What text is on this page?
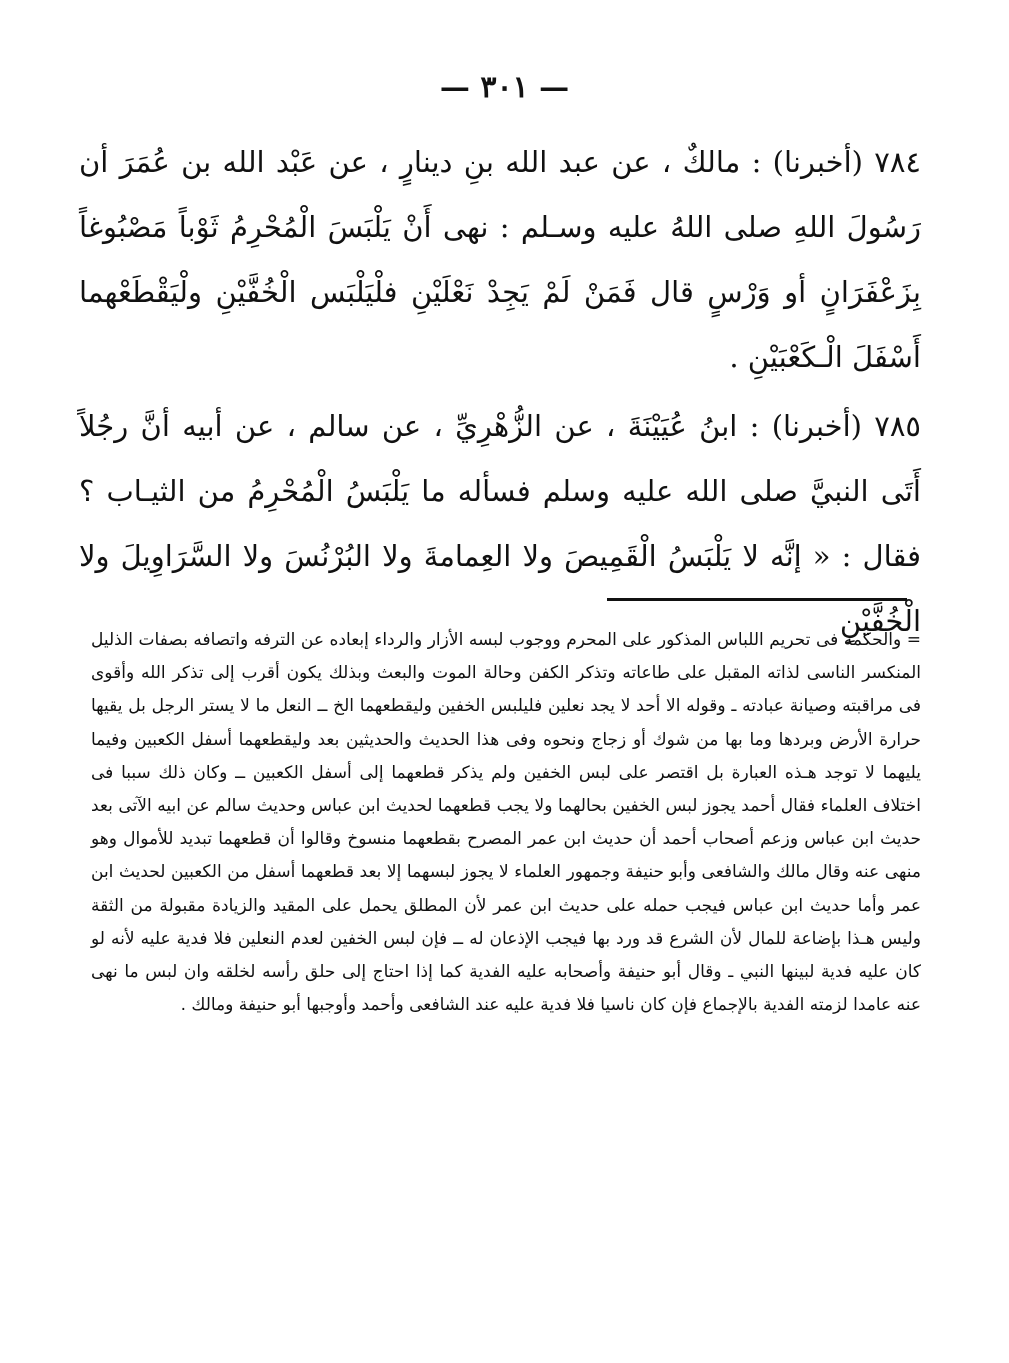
— ٣٠١ —

٧٨٤ (أخبرنا) : مالكٌ ، عن عبد الله بنِ دينارٍ ، عن عَبْد الله بن عُمَرَ أن رَسُولَ اللهِ صلى اللهُ عليه وسـلم : نهى أَنْ يَلْبَسَ الْمُحْرِمُ ثَوْباً مَصْبُوغاً بِزَعْفَرَانٍ أو وَرْسٍ قال فَمَنْ لَمْ يَجِدْ نَعْلَيْنِ فلْيَلْبَس الْخُفَّيْنِ ولْيَقْطَعْهما أَسْفَلَ الْـكَعْبَيْنِ .

٧٨٥ (أخبرنا) : ابنُ عُيَيْنَةَ ، عن الزُّهْرِيِّ ، عن سالم ، عن أبيه أنَّ رجُلاً أَتَى النبيَّ صلى الله عليه وسلم فسأله ما يَلْبَسُ الْمُحْرِمُ من الثيـاب ؟ فقال : « إنَّه لا يَلْبَسُ الْقَمِيصَ ولا العِمامةَ ولا البُرْنُسَ ولا السَّرَاوِيلَ ولا الْخُفَّيْنِ

= والحكمة فى تحريم اللباس المذكور على المحرم ووجوب لبسه الأزار والرداء إبعاده عن الترفه واتصافه بصفات الذليل المنكسر الناسى لذاته المقبل على طاعاته وتذكر الكفن وحالة الموت والبعث وبذلك يكون أقرب إلى تذكر الله وأقوى فى مراقبته وصيانة عبادته ـ وقوله الا أحد لا يجد نعلين فليلبس الخفين وليقطعهما الخ ــ النعل ما لا يستر الرجل بل يقيها حرارة الأرض وبردها وما بها من شوك أو زجاج ونحوه وفى هذا الحديث والحديثين بعد وليقطعهما أسفل الكعبين وفيما يليهما لا توجد هـذه العبارة بل اقتصر على لبس الخفين ولم يذكر قطعهما إلى أسفل الكعبين ــ وكان ذلك سببا فى اختلاف العلماء فقال أحمد يجوز لبس الخفين بحالهما ولا يجب قطعهما لحديث ابن عباس وحديث سالم عن ابيه الآتى بعد حديث ابن عباس وزعم أصحاب أحمد أن حديث ابن عمر المصرح بقطعهما منسوخ وقالوا أن قطعهما تبديد للأموال وهو منهى عنه وقال مالك والشافعى وأبو حنيفة وجمهور العلماء لا يجوز لبسهما إلا بعد قطعهما أسفل من الكعبين لحديث ابن عمر وأما حديث ابن عباس فيجب حمله على حديث ابن عمر لأن المطلق يحمل على المقيد والزيادة مقبولة من الثقة وليس هـذا بإضاعة للمال لأن الشرع قد ورد بها فيجب الإذعان له ــ فإن لبس الخفين لعدم النعلين فلا فدية عليه لأنه لو كان عليه فدية لبينها النبي ـ وقال أبو حنيفة وأصحابه عليه الفدية كما إذا احتاج إلى حلق رأسه لخلقه وان لبس ما نهى عنه عامدا لزمته الفدية بالإجماع فإن كان ناسيا فلا فدية عليه عند الشافعى وأحمد وأوجبها أبو حنيفة ومالك .
